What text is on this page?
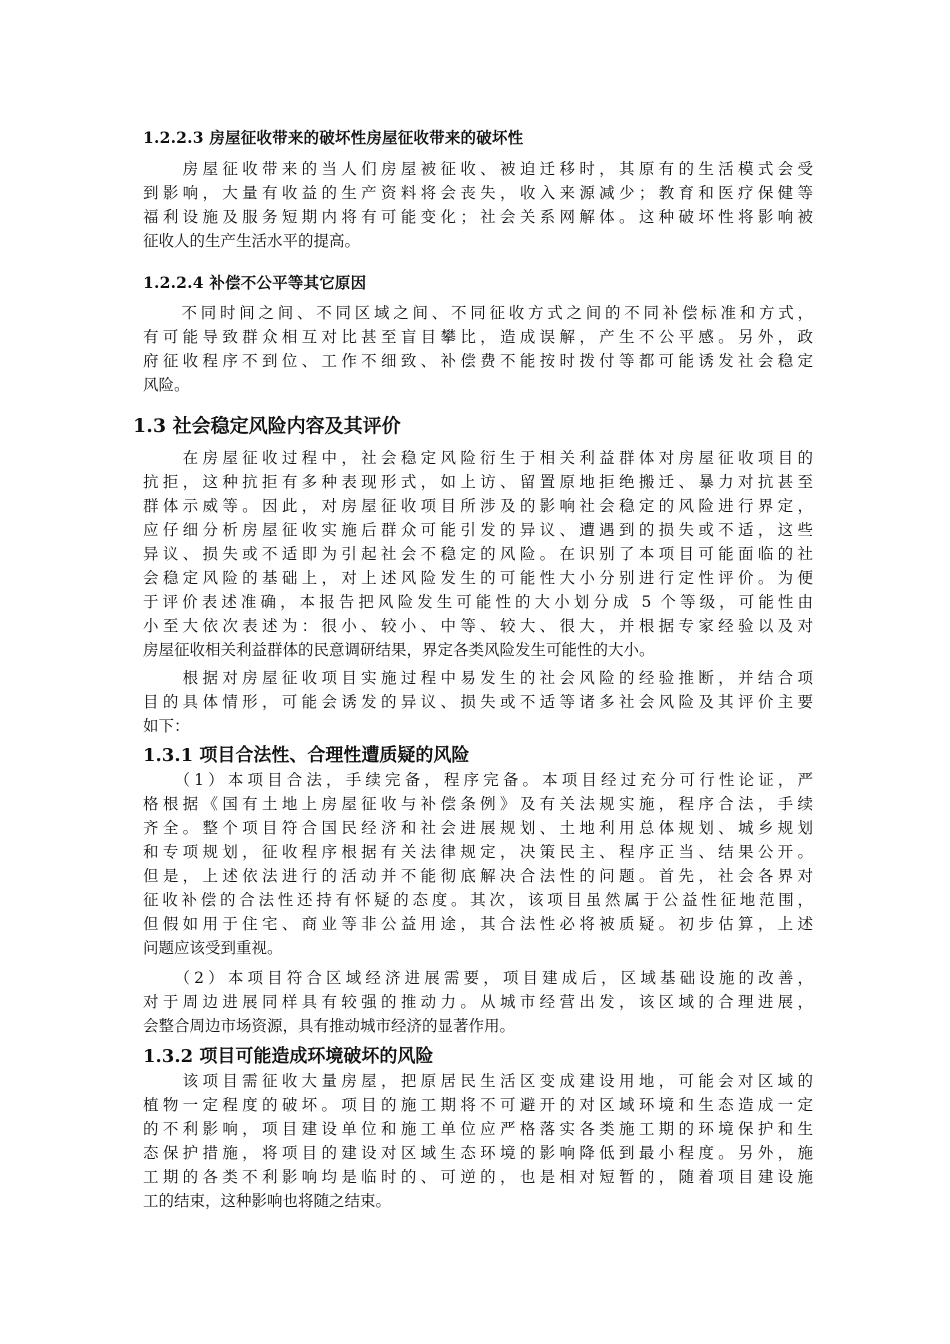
1.2.2.3 房屋征收带来的破坏性房屋征收带来的破坏性
　　房屋征收带来的当人们房屋被征收、被迫迁移时，其原有的生活模式会受
到影响，大量有收益的生产资料将会丧失，收入来源减少；教育和医疗保健等
福利设施及服务短期内将有可能变化；社会关系网解体。这种破坏性将影响被
征收人的生产生活水平的提高。
1.2.2.4 补偿不公平等其它原因
　　不同时间之间、不同区域之间、不同征收方式之间的不同补偿标准和方式，
有可能导致群众相互对比甚至盲目攀比，造成误解，产生不公平感。另外，政
府征收程序不到位、工作不细致、补偿费不能按时拨付等都可能诱发社会稳定
风险。
1.3 社会稳定风险内容及其评价
　　在房屋征收过程中，社会稳定风险衍生于相关利益群体对房屋征收项目的
抗拒，这种抗拒有多种表现形式，如上访、留置原地拒绝搬迁、暴力对抗甚至
群体示威等。因此，对房屋征收项目所涉及的影响社会稳定的风险进行界定，
应仔细分析房屋征收实施后群众可能引发的异议、遭遇到的损失或不适，这些
异议、损失或不适即为引起社会不稳定的风险。在识别了本项目可能面临的社
会稳定风险的基础上，对上述风险发生的可能性大小分别进行定性评价。为便
于评价表述准确，本报告把风险发生可能性的大小划分成 5 个等级，可能性由
小至大依次表述为：很小、较小、中等、较大、很大，并根据专家经验以及对
房屋征收相关利益群体的民意调研结果，界定各类风险发生可能性的大小。
　　根据对房屋征收项目实施过程中易发生的社会风险的经验推断，并结合项
目的具体情形，可能会诱发的异议、损失或不适等诸多社会风险及其评价主要
如下：
1.3.1 项目合法性、合理性遭质疑的风险
　　（1）本项目合法，手续完备，程序完备。本项目经过充分可行性论证，严
格根据《国有土地上房屋征收与补偿条例》及有关法规实施，程序合法，手续
齐全。整个项目符合国民经济和社会进展规划、土地利用总体规划、城乡规划
和专项规划，征收程序根据有关法律规定，决策民主、程序正当、结果公开。
但是，上述依法进行的活动并不能彻底解决合法性的问题。首先，社会各界对
征收补偿的合法性还持有怀疑的态度。其次，该项目虽然属于公益性征地范围，
但假如用于住宅、商业等非公益用途，其合法性必将被质疑。初步估算，上述
问题应该受到重视。
　　（2）本项目符合区域经济进展需要，项目建成后，区域基础设施的改善，
对于周边进展同样具有较强的推动力。从城市经营出发，该区域的合理进展，
会整合周边市场资源，具有推动城市经济的显著作用。
1.3.2 项目可能造成环境破坏的风险
　　该项目需征收大量房屋，把原居民生活区变成建设用地，可能会对区域的
植物一定程度的破坏。项目的施工期将不可避开的对区域环境和生态造成一定
的不利影响，项目建设单位和施工单位应严格落实各类施工期的环境保护和生
态保护措施，将项目的建设对区域生态环境的影响降低到最小程度。另外，施
工期的各类不利影响均是临时的、可逆的，也是相对短暂的，随着项目建设施
工的结束，这种影响也将随之结束。
